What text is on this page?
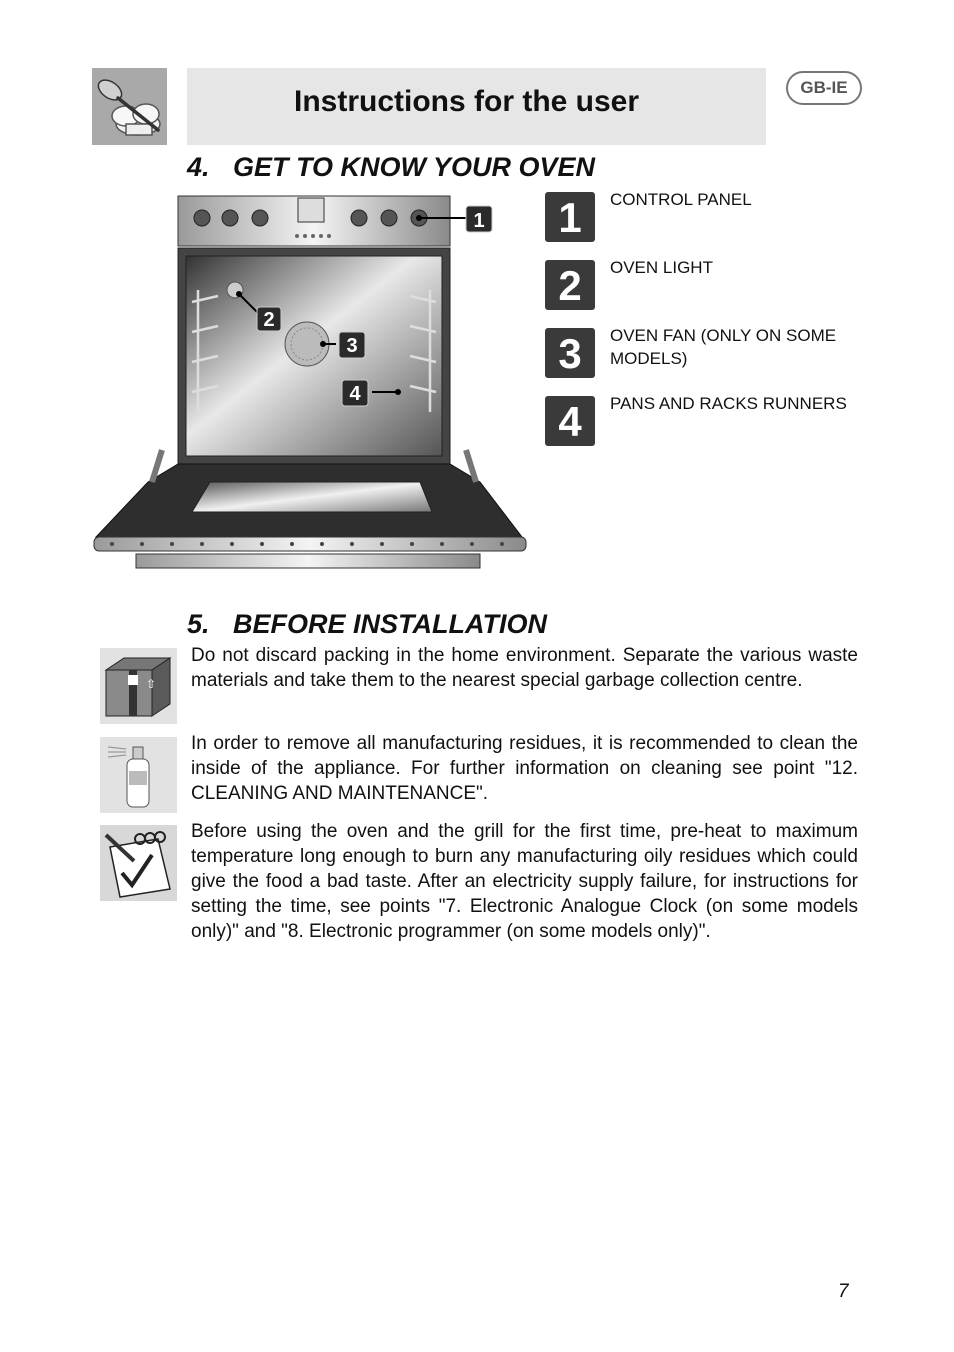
Instructions for the user	GB-IE
4. GET TO KNOW YOUR OVEN
1
2
3
4
1	CONTROL PANEL
2	OVEN LIGHT
3	OVEN FAN (ONLY ON SOME MODELS)
4	PANS AND RACKS RUNNERS
5. BEFORE INSTALLATION
⇧

Do not discard packing in the home environment. Separate the various waste materials and take them to the nearest special garbage collection centre.

In order to remove all manufacturing residues, it is recommended to clean the inside of the appliance. For further information on cleaning see point "12. CLEANING AND MAINTENANCE".

Before using the oven and the grill for the first time, pre-heat to maximum temperature long enough to burn any manufacturing oily residues which could give the food a bad taste. After an electricity supply failure, for instructions for setting the time, see points "7. Electronic Analogue Clock (on some models only)" and "8. Electronic programmer (on some models only)".

7
